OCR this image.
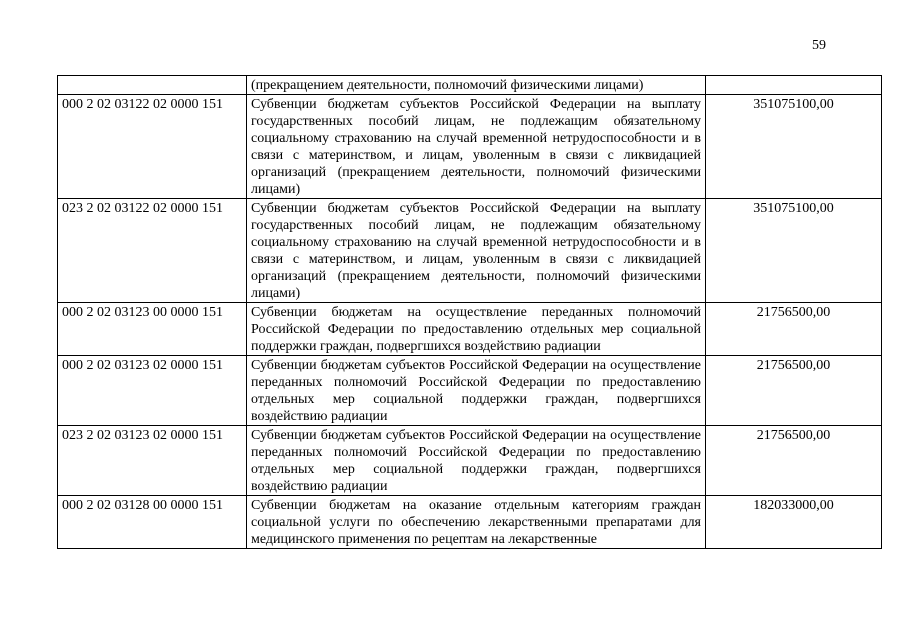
59
	(прекращением деятельности, полномочий физическими лицами)	
000 2 02 03122 02 0000 151	Субвенции бюджетам субъектов Российской Федерации на выплату государственных пособий лицам, не подлежащим обязательному социальному страхованию на случай временной нетрудоспособности и в связи с материнством, и лицам, уволенным в связи с ликвидацией организаций (прекращением деятельности, полномочий физическими лицами)	351075100,00
023 2 02 03122 02 0000 151	Субвенции бюджетам субъектов Российской Федерации на выплату государственных пособий лицам, не подлежащим обязательному социальному страхованию на случай временной нетрудоспособности и в связи с материнством, и лицам, уволенным в связи с ликвидацией организаций (прекращением деятельности, полномочий физическими лицами)	351075100,00
000 2 02 03123 00 0000 151	Субвенции бюджетам на осуществление переданных полномочий Российской Федерации по предоставлению отдельных мер социальной поддержки граждан, подвергшихся воздействию радиации	21756500,00
000 2 02 03123 02 0000 151	Субвенции бюджетам субъектов Российской Федерации на осуществление переданных полномочий Российской Федерации по предоставлению отдельных мер социальной поддержки граждан, подвергшихся воздействию радиации	21756500,00
023 2 02 03123 02 0000 151	Субвенции бюджетам субъектов Российской Федерации на осуществление переданных полномочий Российской Федерации по предоставлению отдельных мер социальной поддержки граждан, подвергшихся воздействию радиации	21756500,00
000 2 02 03128 00 0000 151	Субвенции бюджетам на оказание отдельным категориям граждан социальной услуги по обеспечению лекарственными препаратами для медицинского применения по рецептам на лекарственные	182033000,00
